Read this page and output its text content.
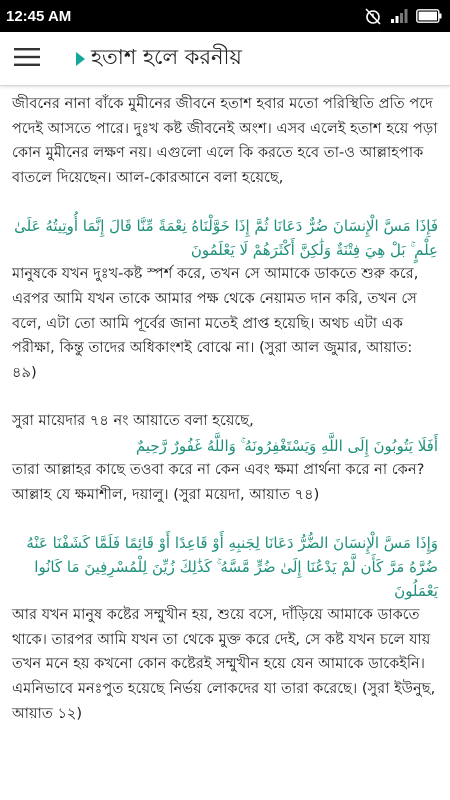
12:45 AM
হতাশ হলে করনীয়

জীবনের নানা বাঁকে মুমীনের জীবনে হতাশ হবার মতো পরিস্থিতি প্রতি পদে পদেই আসতে পারে। দুঃখ কষ্ট জীবনেই অংশ। এসব এলেই হতাশ হয়ে পড়া কোন মুমীনের লক্ষণ নয়। এগুলো এলে কি করতে হবে তা-ও আল্লাহপাক বাতলে দিয়েছেন। আল-কোরআনে বলা হয়েছে,

فَإِذَا مَسَّ الْإِنسَانَ ضُرٌّ دَعَانَا ثُمَّ إِذَا خَوَّلْنَاهُ نِعْمَةً مِّنَّا قَالَ إِنَّمَا أُوتِيتُهُ عَلَىٰ عِلْمٍ ۚ بَلْ هِيَ فِتْنَةٌ وَلَٰكِنَّ أَكْثَرَهُمْ لَا يَعْلَمُونَ

মানুষকে যখন দুঃখ-কষ্ট স্পর্শ করে, তখন সে আমাকে ডাকতে শুরু করে, এরপর আমি যখন তাকে আমার পক্ষ থেকে নেয়ামত দান করি, তখন সে বলে, এটা তো আমি পূর্বের জানা মতেই প্রাপ্ত হয়েছি। অথচ এটা এক পরীক্ষা, কিন্তু তাদের অধিকাংশই বোঝে না। (সুরা আল জুমার, আয়াত: ৪৯)

সুরা মায়েদার ৭৪ নং আয়াতে বলা হয়েছে,

أَفَلَا يَتُوبُونَ إِلَى اللَّهِ وَيَسْتَغْفِرُونَهُ ۚ وَاللَّهُ غَفُورٌ رَّحِيمٌ

তারা আল্লাহর কাছে তওবা করে না কেন এবং ক্ষমা প্রার্থনা করে না কেন? আল্লাহ যে ক্ষমাশীল, দয়ালু। (সুরা ময়েদা, আয়াত ৭৪)

وَإِذَا مَسَّ الْإِنسَانَ الضُّرُّ دَعَانَا لِجَنبِهِ أَوْ قَاعِدًا أَوْ قَائِمًا فَلَمَّا كَشَفْنَا عَنْهُ ضُرَّهُ مَرَّ كَأَن لَّمْ يَدْعُنَا إِلَىٰ ضُرٍّ مَّسَّهُ ۚ كَذَٰلِكَ زُيِّنَ لِلْمُسْرِفِينَ مَا كَانُوا يَعْمَلُونَ

আর যখন মানুষ কষ্টের সম্মুখীন হয়, শুয়ে বসে, দাঁড়িয়ে আমাকে ডাকতে থাকে। তারপর আমি যখন তা থেকে মুক্ত করে দেই, সে কষ্ট যখন চলে যায় তখন মনে হয় কখনো কোন কষ্টেরই সম্মুখীন হয়ে যেন আমাকে ডাকেইনি। এমনিভাবে মনঃপুত হয়েছে নির্ভয় লোকদের যা তারা করেছে। (সুরা ইউনুছ, আয়াত ১২)
